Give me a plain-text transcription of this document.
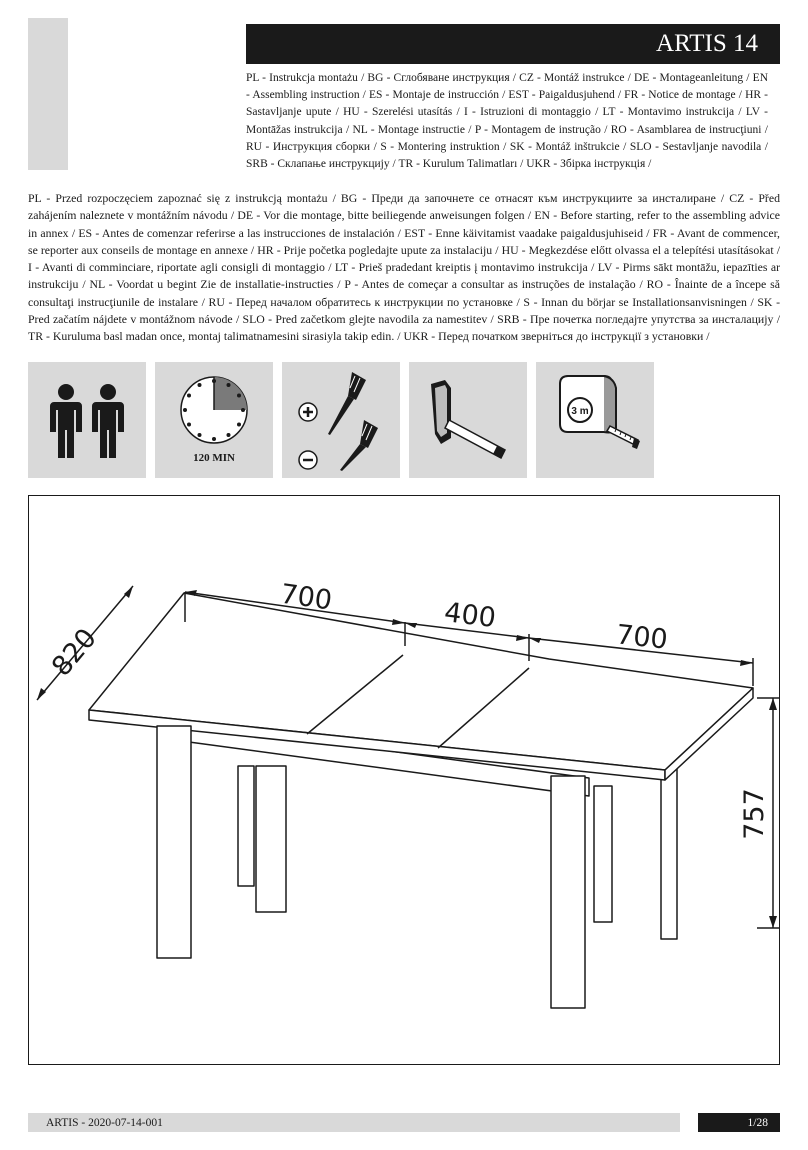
ARTIS 14
PL - Instrukcja montażu / BG - Сглобяване инструкция / CZ - Montáž instrukce / DE - Montageanleitung / EN - Assembling instruction / ES - Montaje de instrucción / EST - Paigaldusjuhend / FR - Notice de montage / HR - Sastavljanje upute / HU - Szerelési utasítás / I - Istruzioni di montaggio / LT - Montavimo instrukcija / LV - Montāžas instrukcija / NL - Montage instructie / P - Montagem de instrução / RO - Asamblarea de instrucţiuni / RU - Инструкция сборки / S - Montering instruktion / SK - Montáž inštrukcie / SLO - Sestavljanje navodila / SRB - Склапање инструкцију / TR - Kurulum Talimatları / UKR - Збірка інструкція /
PL - Przed rozpoczęciem zapoznać się z instrukcją montażu / BG - Преди да започнете се отнасят към инструкциите за инсталиране / CZ - Před zahájením naleznete v montážním návodu / DE - Vor die montage, bitte beiliegende anweisungen folgen / EN - Before starting, refer to the assembling advice in annex / ES - Antes de comenzar referirse a las instrucciones de instalación / EST - Enne käivitamist vaadake paigaldusjuhiseid / FR - Avant de commencer, se reporter aux conseils de montage en annexe / HR - Prije početka pogledajte upute za instalaciju / HU - Megkezdése előtt olvassa el a telepítési utasításokat / I - Avanti di comminciare, riportate agli consigli di montaggio / LT - Prieš pradedant kreiptis į montavimo instrukcija / LV - Pirms sākt montāžu, iepazīties ar instrukciju / NL - Voordat u begint Zie de installatie-instructies / P - Antes de começar a consultar as instruções de instalação / RO - Înainte de a începe să consultaţi instrucţiunile de instalare / RU - Перед началом обратитесь к инструкции по установке / S - Innan du börjar se Installationsanvisningen / SK - Pred začatím nájdete v montážnom návode / SLO - Pred začetkom glejte navodila za namestitev / SRB - Пре почетка погледајте упутства за инсталацију / TR - Kuruluma basl madan once, montaj talimatnamesini sirasiyla takip edin. / UKR - Перед початком зверніться до інструкції з установки /
120 MIN
3 m
700	400
700
820
757
ARTIS - 2020-07-14-001	1/28
